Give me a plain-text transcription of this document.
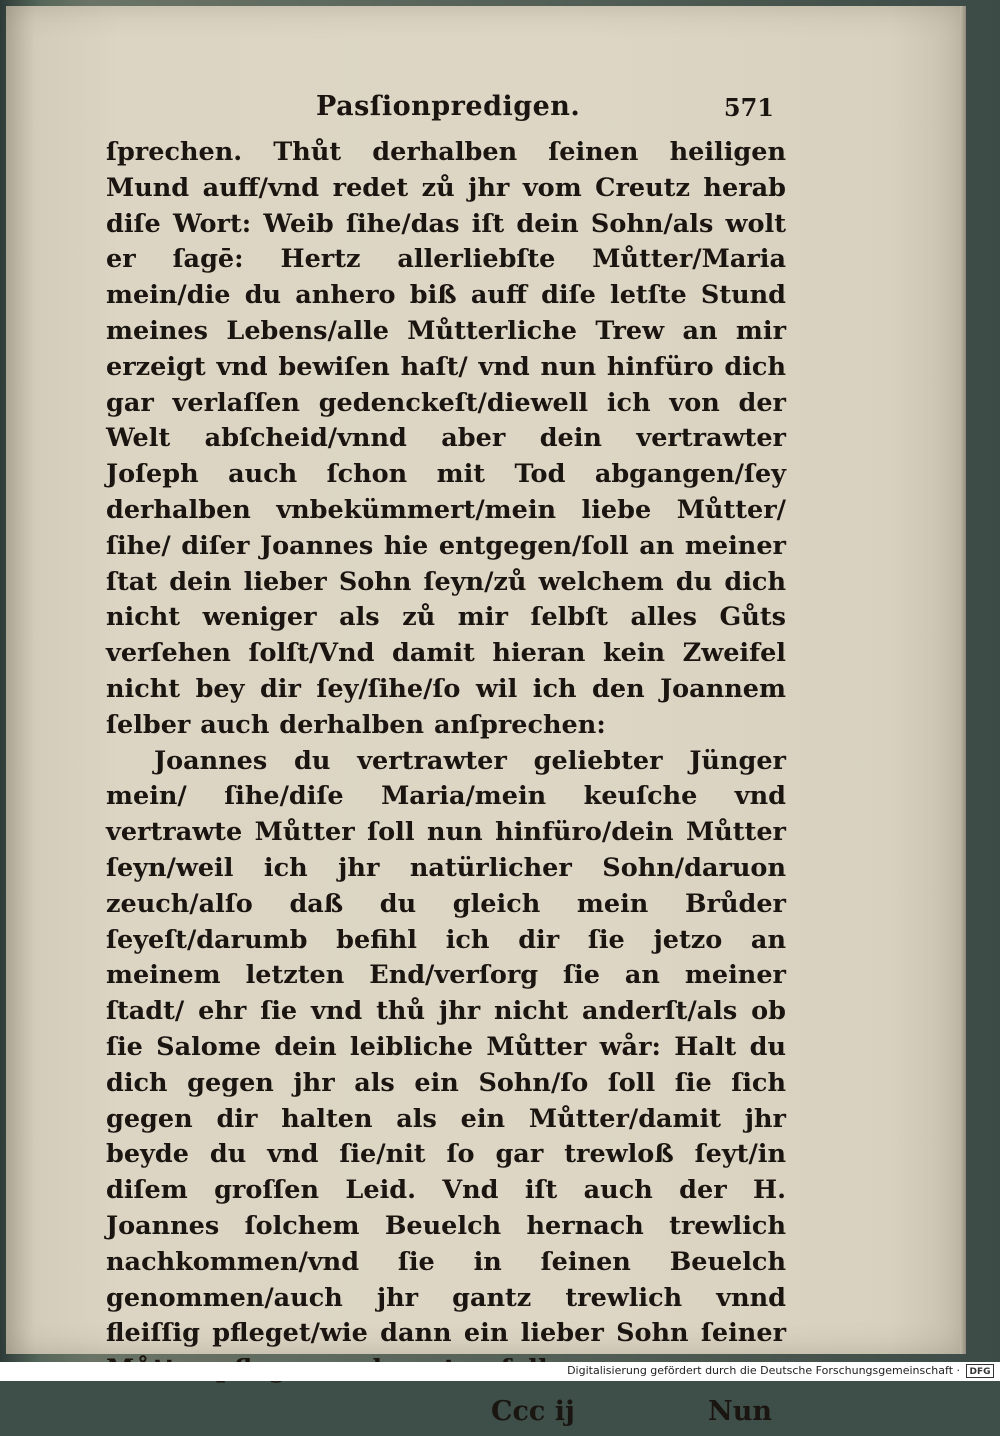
Pasſionpredigen.	571

ſprechen. Thůt derhalben ſeinen heiligen Mund auff/vnd redet zů jhr vom Creutz herab diſe Wort: Weib ſihe/das iſt dein Sohn/als wolt er ſagē: Hertz allerliebſte Můtter/Maria mein/die du anhero biß auff diſe letſte Stund meines Lebens/alle Můtterliche Trew an mir erzeigt vnd bewiſen haſt/ vnd nun hinfüro dich gar verlaſſen gedenckeſt/diewell ich von der Welt abſcheid/vnnd aber dein vertrawter Joſeph auch ſchon mit Tod abgangen/ſey derhalben vnbekümmert/mein liebe Můtter/ſihe/ diſer Joannes hie entgegen/ſoll an meiner ſtat dein lieber Sohn ſeyn/zů welchem du dich nicht weniger als zů mir ſelbſt alles Gůts verſehen ſolſt/Vnd damit hieran kein Zweifel nicht bey dir ſey/ſihe/ſo wil ich den Joannem ſelber auch derhalben anſprechen:

Joannes du vertrawter geliebter Jünger mein/ ſihe/diſe Maria/mein keuſche vnd vertrawte Můtter ſoll nun hinfüro/dein Můtter ſeyn/weil ich jhr natürlicher Sohn/daruon zeuch/alſo daß du gleich mein Brůder ſeyeſt/darumb befihl ich dir ſie jetzo an meinem letzten End/verſorg ſie an meiner ſtadt/ ehr ſie vnd thů jhr nicht anderſt/als ob ſie Salome dein leibliche Můtter wår: Halt du dich gegen jhr als ein Sohn/ſo ſoll ſie ſich gegen dir halten als ein Můtter/damit jhr beyde du vnd ſie/nit ſo gar trewloß ſeyt/in diſem groſſen Leid. Vnd iſt auch der H. Joannes ſolchem Beuelch hernach trewlich nachkommen/vnd ſie in ſeinen Beuelch genommen/auch jhr gantz trewlich vnnd fleiſſig pfleget/wie dann ein lieber Sohn ſeiner

Ccc ij	Nun
Digitalisierung gefördert durch die Deutsche Forschungsgemeinschaft ·	DFG
